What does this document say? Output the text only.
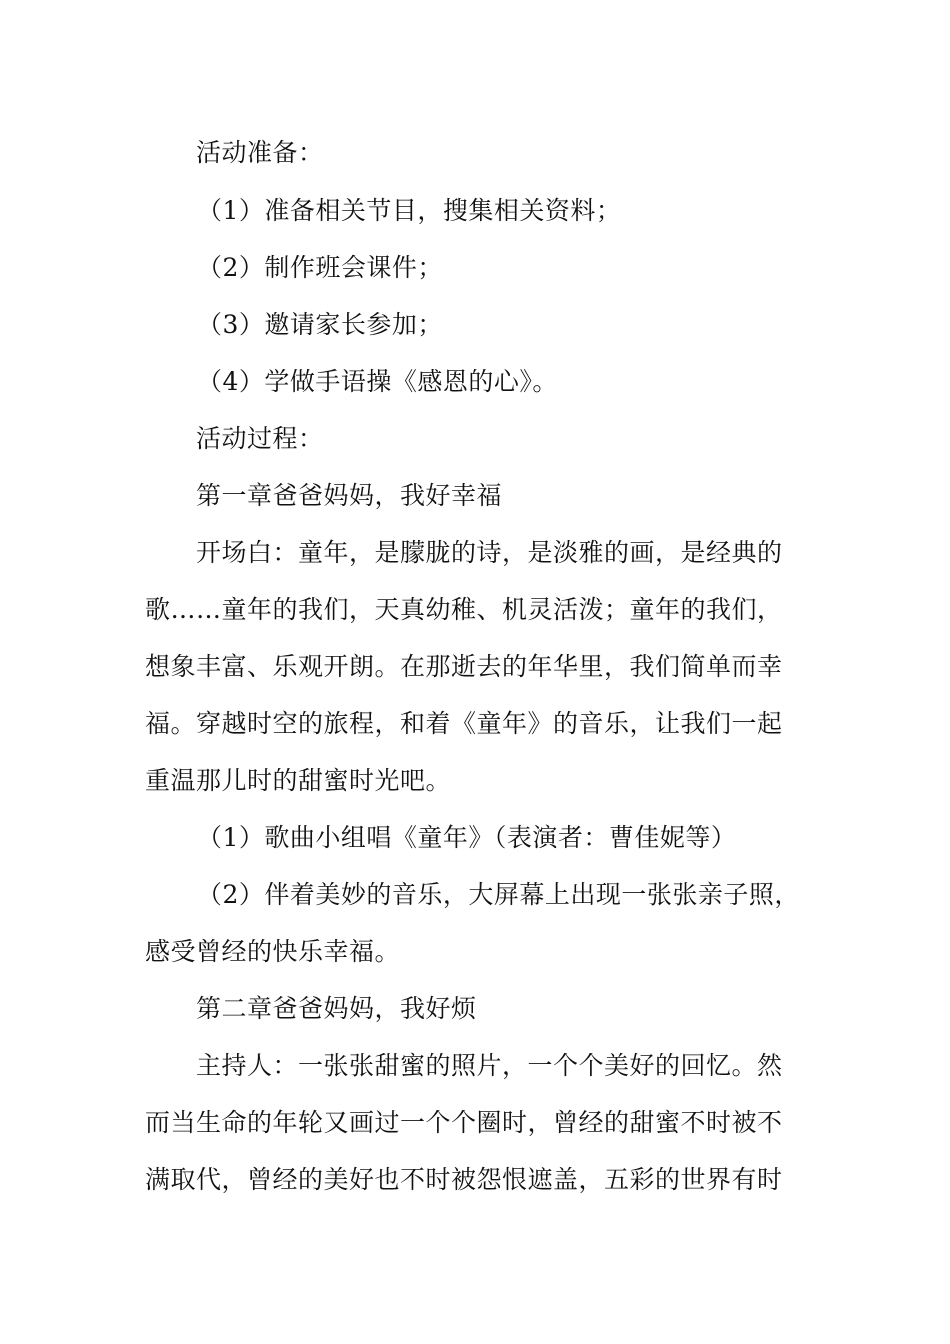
活动准备：
（1）准备相关节目，搜集相关资料；
（2）制作班会课件；
（3）邀请家长参加；
（4）学做手语操《感恩的心》。
活动过程：
第一章爸爸妈妈，我好幸福
开场白：童年，是朦胧的诗，是淡雅的画，是经典的
歌……童年的我们，天真幼稚、机灵活泼；童年的我们，
想象丰富、乐观开朗。在那逝去的年华里，我们简单而幸
福。穿越时空的旅程，和着《童年》的音乐，让我们一起
重温那儿时的甜蜜时光吧。
（1）歌曲小组唱《童年》（表演者：曹佳妮等）
（2）伴着美妙的音乐，大屏幕上出现一张张亲子照，
感受曾经的快乐幸福。
第二章爸爸妈妈，我好烦
主持人：一张张甜蜜的照片，一个个美好的回忆。然
而当生命的年轮又画过一个个圈时，曾经的甜蜜不时被不
满取代，曾经的美好也不时被怨恨遮盖，五彩的世界有时
